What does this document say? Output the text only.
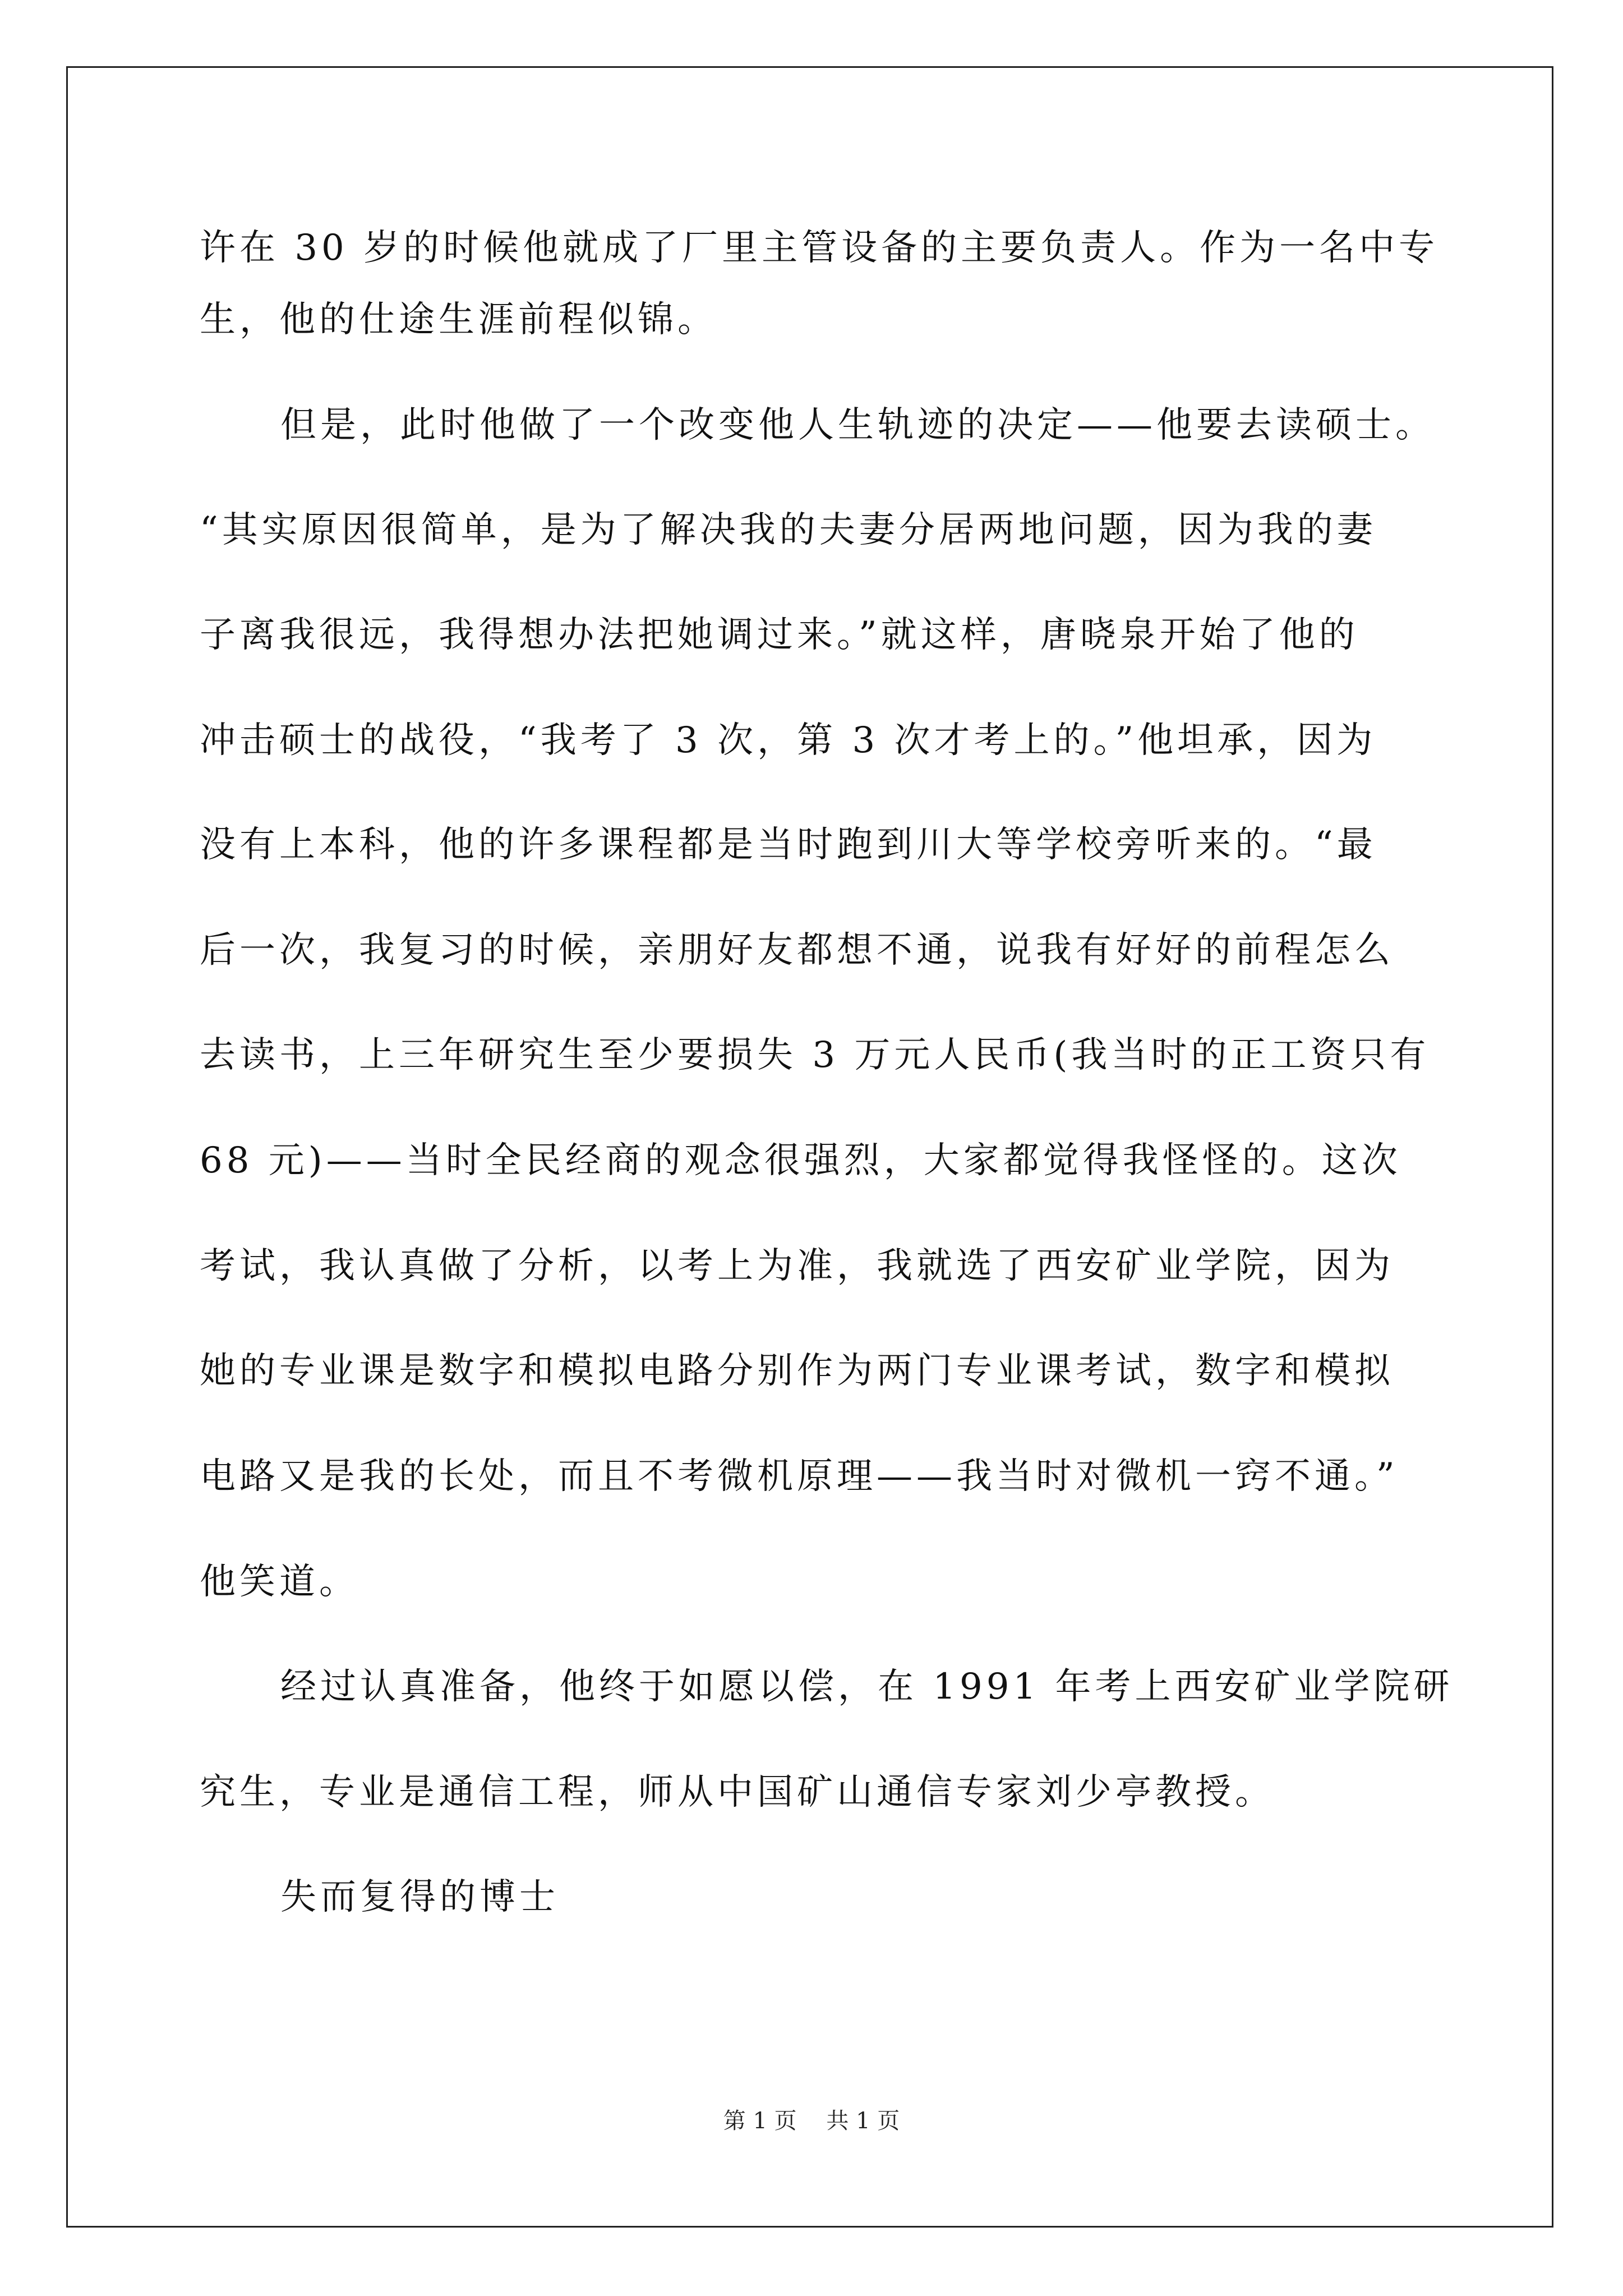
许在 30 岁的时候他就成了厂里主管设备的主要负责人。作为一名中专
生，他的仕途生涯前程似锦。
但是，此时他做了一个改变他人生轨迹的决定——他要去读硕士。
“其实原因很简单，是为了解决我的夫妻分居两地问题，因为我的妻
子离我很远，我得想办法把她调过来。”就这样，唐晓泉开始了他的
冲击硕士的战役，“我考了 3 次，第 3 次才考上的。”他坦承，因为
没有上本科，他的许多课程都是当时跑到川大等学校旁听来的。“最
后一次，我复习的时候，亲朋好友都想不通，说我有好好的前程怎么
去读书，上三年研究生至少要损失 3 万元人民币(我当时的正工资只有
68 元)——当时全民经商的观念很强烈，大家都觉得我怪怪的。这次
考试，我认真做了分析，以考上为准，我就选了西安矿业学院，因为
她的专业课是数字和模拟电路分别作为两门专业课考试，数字和模拟
电路又是我的长处，而且不考微机原理——我当时对微机一窍不通。”
他笑道。
经过认真准备，他终于如愿以偿，在 1991 年考上西安矿业学院研
究生，专业是通信工程，师从中国矿山通信专家刘少亭教授。
失而复得的博士
第 1 页 共 1 页
